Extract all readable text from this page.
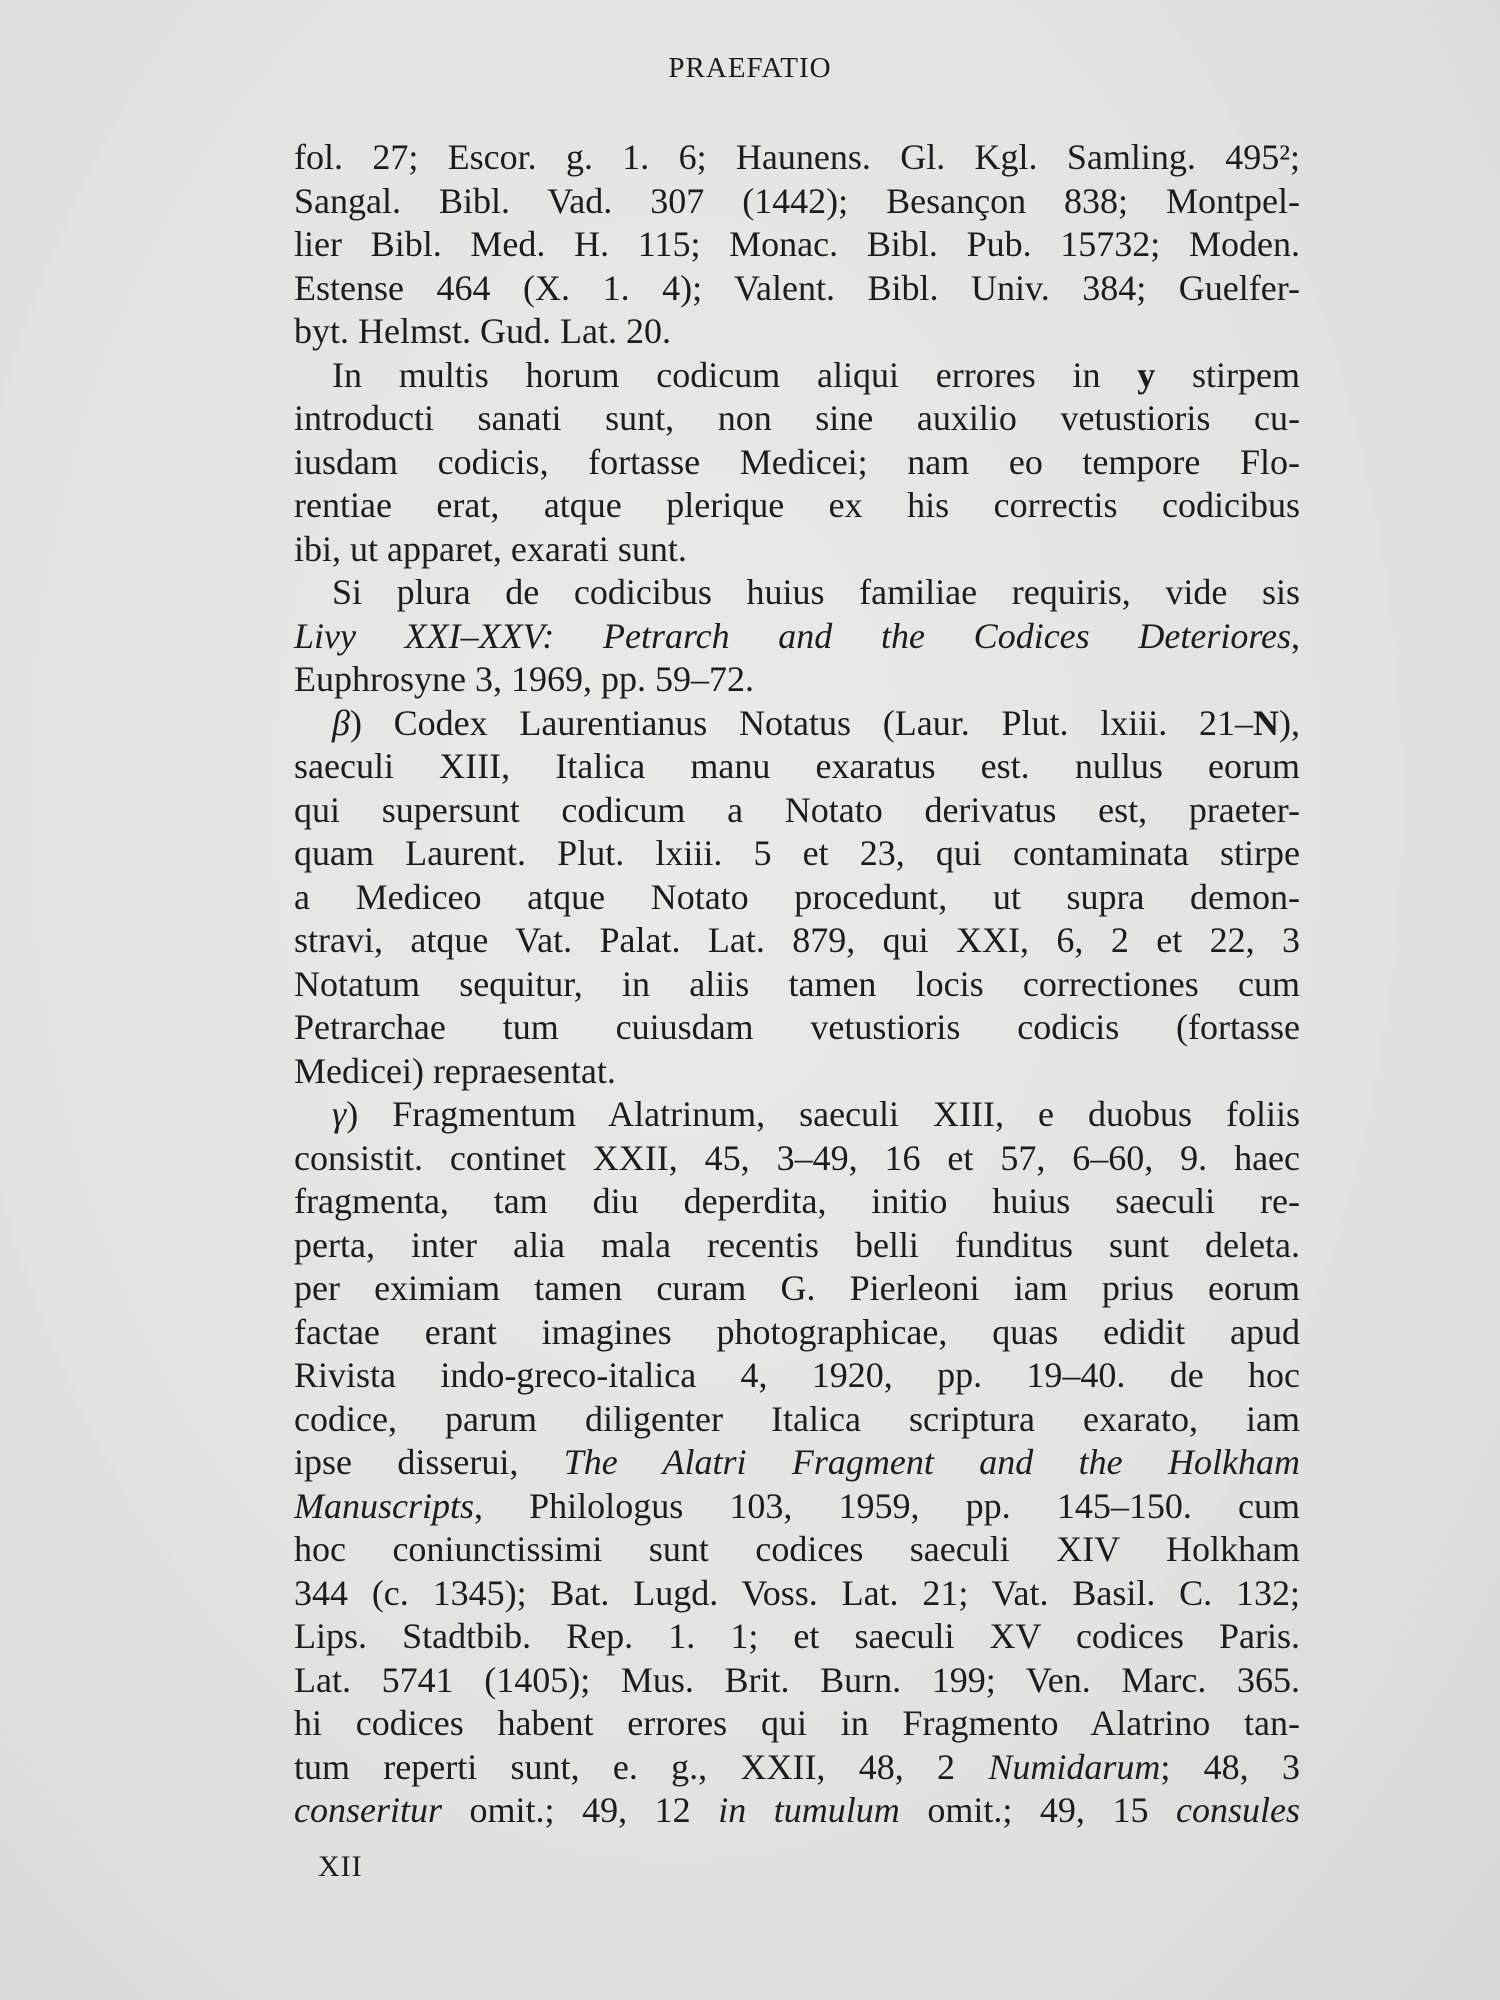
PRAEFATIO
fol. 27; Escor. g. 1. 6; Haunens. Gl. Kgl. Samling. 495²;
Sangal. Bibl. Vad. 307 (1442); Besançon 838; Montpel-
lier Bibl. Med. H. 115; Monac. Bibl. Pub. 15732; Moden.
Estense 464 (X. 1. 4); Valent. Bibl. Univ. 384; Guelfer-
byt. Helmst. Gud. Lat. 20.
In multis horum codicum aliqui errores in y stirpem
introducti sanati sunt, non sine auxilio vetustioris cu-
iusdam codicis, fortasse Medicei; nam eo tempore Flo-
rentiae erat, atque plerique ex his correctis codicibus
ibi, ut apparet, exarati sunt.
Si plura de codicibus huius familiae requiris, vide sis
Livy XXI–XXV: Petrarch and the Codices Deteriores,
Euphrosyne 3, 1969, pp. 59–72.
β) Codex Laurentianus Notatus (Laur. Plut. lxiii. 21–N),
saeculi XIII, Italica manu exaratus est. nullus eorum
qui supersunt codicum a Notato derivatus est, praeter-
quam Laurent. Plut. lxiii. 5 et 23, qui contaminata stirpe
a Mediceo atque Notato procedunt, ut supra demon-
stravi, atque Vat. Palat. Lat. 879, qui XXI, 6, 2 et 22, 3
Notatum sequitur, in aliis tamen locis correctiones cum
Petrarchae tum cuiusdam vetustioris codicis (fortasse
Medicei) repraesentat.
γ) Fragmentum Alatrinum, saeculi XIII, e duobus foliis
consistit. continet XXII, 45, 3–49, 16 et 57, 6–60, 9. haec
fragmenta, tam diu deperdita, initio huius saeculi re-
perta, inter alia mala recentis belli funditus sunt deleta.
per eximiam tamen curam G. Pierleoni iam prius eorum
factae erant imagines photographicae, quas edidit apud
Rivista indo-greco-italica 4, 1920, pp. 19–40. de hoc
codice, parum diligenter Italica scriptura exarato, iam
ipse disserui, The Alatri Fragment and the Holkham
Manuscripts, Philologus 103, 1959, pp. 145–150. cum
hoc coniunctissimi sunt codices saeculi XIV Holkham
344 (c. 1345); Bat. Lugd. Voss. Lat. 21; Vat. Basil. C. 132;
Lips. Stadtbib. Rep. 1. 1; et saeculi XV codices Paris.
Lat. 5741 (1405); Mus. Brit. Burn. 199; Ven. Marc. 365.
hi codices habent errores qui in Fragmento Alatrino tan-
tum reperti sunt, e. g., XXII, 48, 2 Numidarum; 48, 3
conseritur omit.; 49, 12 in tumulum omit.; 49, 15 consules
XII
